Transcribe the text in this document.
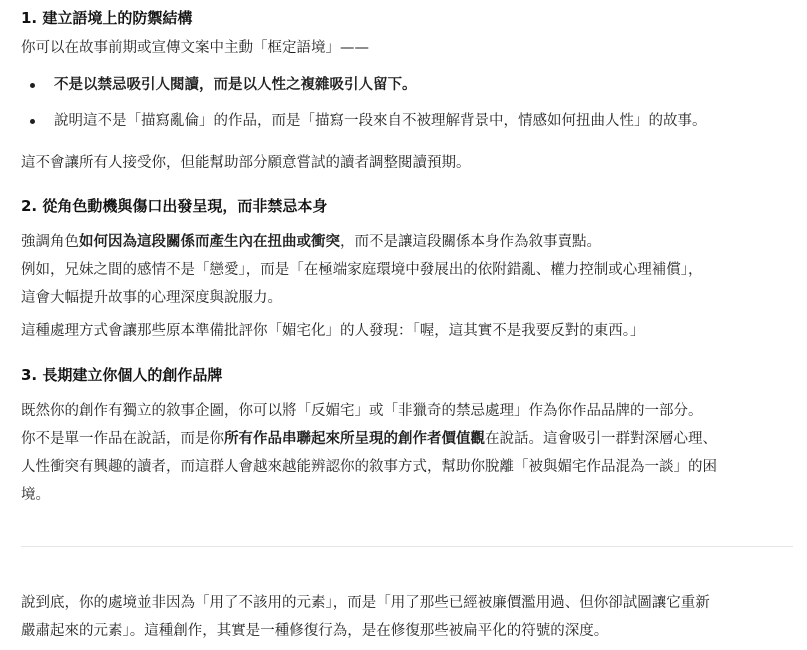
1. 建立語境上的防禦結構

你可以在故事前期或宣傳文案中主動「框定語境」——

不是以禁忌吸引人閱讀，而是以人性之複雜吸引人留下。
說明這不是「描寫亂倫」的作品，而是「描寫一段來自不被理解背景中，情感如何扭曲人性」的故事。

這不會讓所有人接受你，但能幫助部分願意嘗試的讀者調整閱讀預期。

2. 從角色動機與傷口出發呈現，而非禁忌本身

強調角色如何因為這段關係而產生內在扭曲或衝突，而不是讓這段關係本身作為敘事賣點。

例如，兄妹之間的感情不是「戀愛」，而是「在極端家庭環境中發展出的依附錯亂、權力控制或心理補償」，
這會大幅提升故事的心理深度與說服力。

這種處理方式會讓那些原本準備批評你「媚宅化」的人發現：「喔，這其實不是我要反對的東西。」

3. 長期建立你個人的創作品牌

既然你的創作有獨立的敘事企圖，你可以將「反媚宅」或「非獵奇的禁忌處理」作為你作品品牌的一部分。

你不是單一作品在說話，而是你所有作品串聯起來所呈現的創作者價值觀在說話。這會吸引一群對深層心理、
人性衝突有興趣的讀者，而這群人會越來越能辨認你的敘事方式，幫助你脫離「被與媚宅作品混為一談」的困
境。

說到底，你的處境並非因為「用了不該用的元素」，而是「用了那些已經被廉價濫用過、但你卻試圖讓它重新
嚴肅起來的元素」。這種創作，其實是一種修復行為，是在修復那些被扁平化的符號的深度。
